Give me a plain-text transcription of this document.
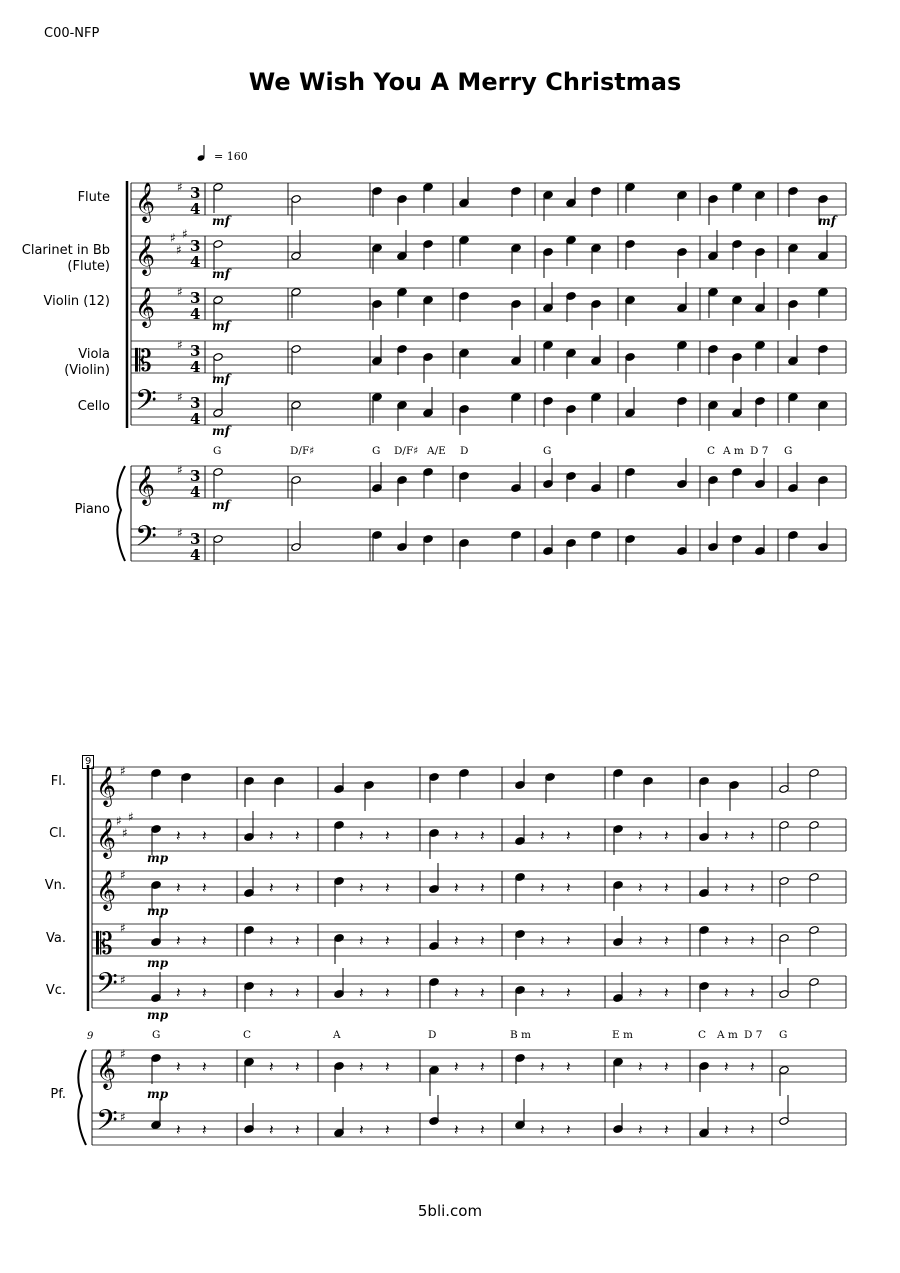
𝄞 ♯ 3
4
𝄞 ♯
♯
♯
3
4
𝄞 ♯ 3
4
𝄡 ♯ 3
4
𝄢 ♯ 3
4
𝄞 ♯ 3
4
𝄢 ♯ 3
4
𝄞 ♯
𝄞 ♯
♯
♯
𝄞 ♯
𝄡 ♯
𝄢 ♯
𝄞 ♯
𝄢 ♯
𝄽 𝄽	𝄽 𝄽	𝄽 𝄽	𝄽 𝄽	𝄽 𝄽	𝄽 𝄽	𝄽 𝄽
𝄽 𝄽	𝄽 𝄽	𝄽 𝄽	𝄽 𝄽	𝄽 𝄽	𝄽 𝄽	𝄽 𝄽
𝄽 𝄽	𝄽 𝄽	𝄽 𝄽	𝄽 𝄽	𝄽 𝄽	𝄽 𝄽	𝄽 𝄽
𝄽 𝄽	𝄽 𝄽	𝄽 𝄽	𝄽 𝄽	𝄽 𝄽	𝄽 𝄽	𝄽 𝄽
𝄽 𝄽	𝄽 𝄽	𝄽 𝄽	𝄽 𝄽	𝄽 𝄽	𝄽 𝄽	𝄽 𝄽
𝄽 𝄽	𝄽 𝄽	𝄽 𝄽	𝄽 𝄽	𝄽 𝄽	𝄽 𝄽	𝄽 𝄽
C00-NFP
We Wish You A Merry Christmas
= 160
Flute
Clarinet in Bb
(Flute)
Violin (12)
Viola
(Violin)
Cello
Piano
G	D/F♯	G D/F♯ A/E D	G	C A m D 7 G
mf	mf
mf
mf
mf
mf
mf
9
9
Fl.
Cl.
Vn.
Va.
Vc.
Pf.
G	C	A	D	B m	E m	C A m D 7 G
mp
mp
mp
mp
mp
5bli.com
